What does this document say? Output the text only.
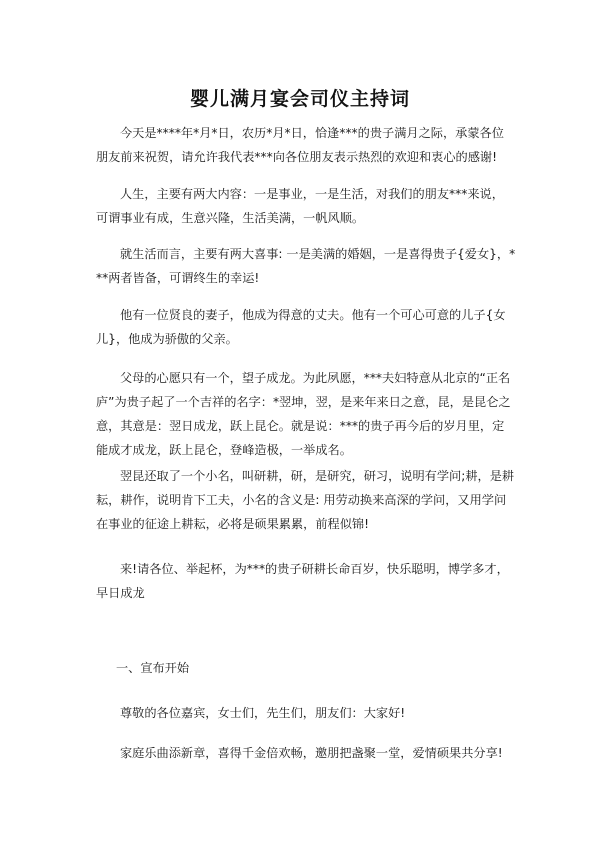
婴儿满月宴会司仪主持词

今天是****年*月*日，农历*月*日，恰逢***的贵子满月之际，承蒙各位朋友前来祝贺，请允许我代表***向各位朋友表示热烈的欢迎和衷心的感谢!

人生，主要有两大内容：一是事业，一是生活，对我们的朋友***来说，可谓事业有成，生意兴隆，生活美满，一帆风顺。

就生活而言，主要有两大喜事: 一是美满的婚姻，一是喜得贵子{爱女}，***两者皆备，可谓终生的幸运!

他有一位贤良的妻子，他成为得意的丈夫。他有一个可心可意的儿子{女儿}，他成为骄傲的父亲。

父母的心愿只有一个，望子成龙。为此夙愿，***夫妇特意从北京的“正名庐”为贵子起了一个吉祥的名字：*翌坤，翌，是来年来日之意，昆，是昆仑之意，其意是：翌日成龙，跃上昆仑。就是说：***的贵子再今后的岁月里，定能成才成龙，跃上昆仑，登峰造极，一举成名。

翌昆还取了一个小名，叫研耕，研，是研究，研习，说明有学问;耕，是耕耘，耕作，说明肯下工夫，小名的含义是: 用劳动换来高深的学问，又用学问在事业的征途上耕耘，必将是硕果累累，前程似锦!

来!请各位、举起杯，为***的贵子研耕长命百岁，快乐聪明，博学多才，早日成龙

一、宣布开始

尊敬的各位嘉宾，女士们，先生们，朋友们：大家好!

家庭乐曲添新章，喜得千金倍欢畅，邀朋把盏聚一堂，爱情硕果共分享!
